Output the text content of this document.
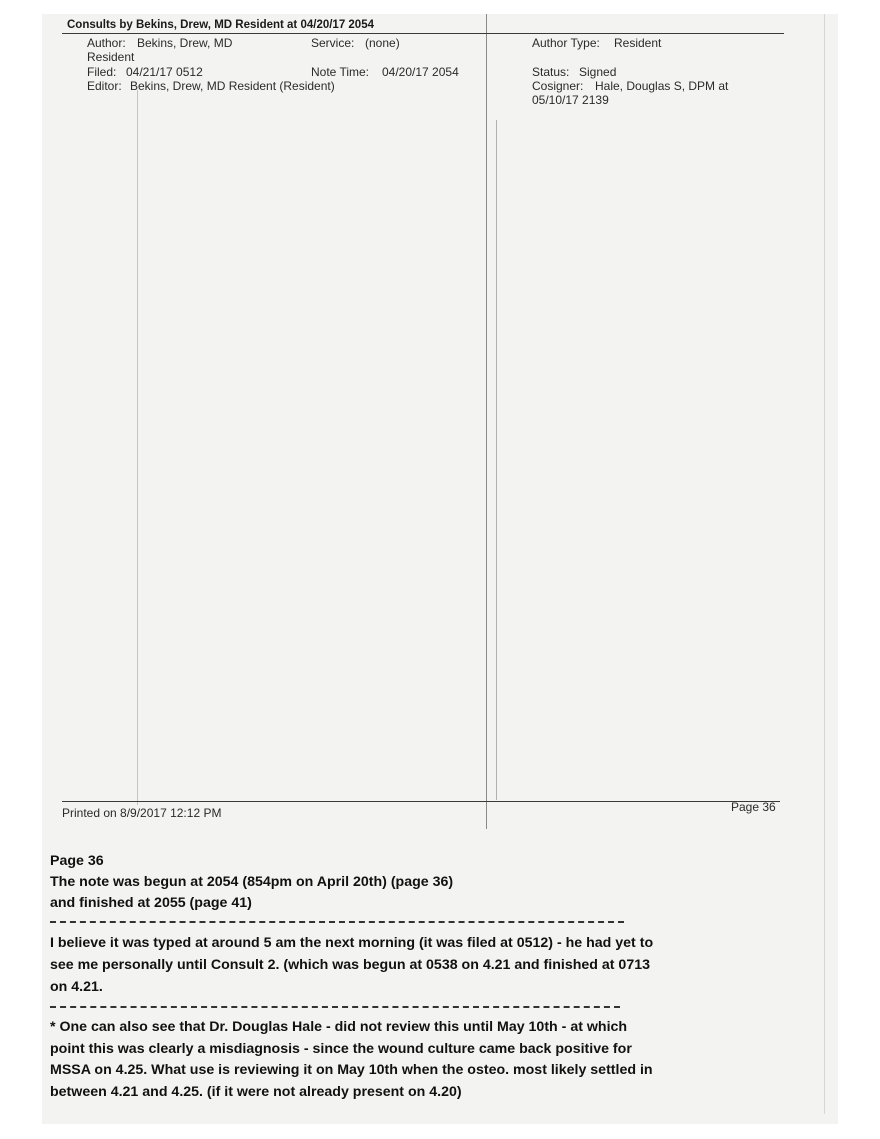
Consults by Bekins, Drew, MD Resident at 04/20/17 2054
Author: Bekins, Drew, MD
Resident
Service: (none)	Author Type: Resident
Filed: 04/21/17 0512	Note Time: 04/20/17 2054	Status: Signed
Editor: Bekins, Drew, MD Resident (Resident)	Cosigner: Hale, Douglas S, DPM at
05/10/17 2139
Printed on 8/9/2017 12:12 PM	Page 36
Page 36
The note was begun at 2054 (854pm on April 20th) (page 36)
and finished at 2055 (page 41)
I believe it was typed at around 5 am the next morning (it was filed at 0512) - he had yet to
see me personally until Consult 2. (which was begun at 0538 on 4.21 and finished at 0713
on 4.21.
* One can also see that Dr. Douglas Hale - did not review this until May 10th - at which
point this was clearly a misdiagnosis - since the wound culture came back positive for
MSSA on 4.25. What use is reviewing it on May 10th when the osteo. most likely settled in
between 4.21 and 4.25. (if it were not already present on 4.20)
